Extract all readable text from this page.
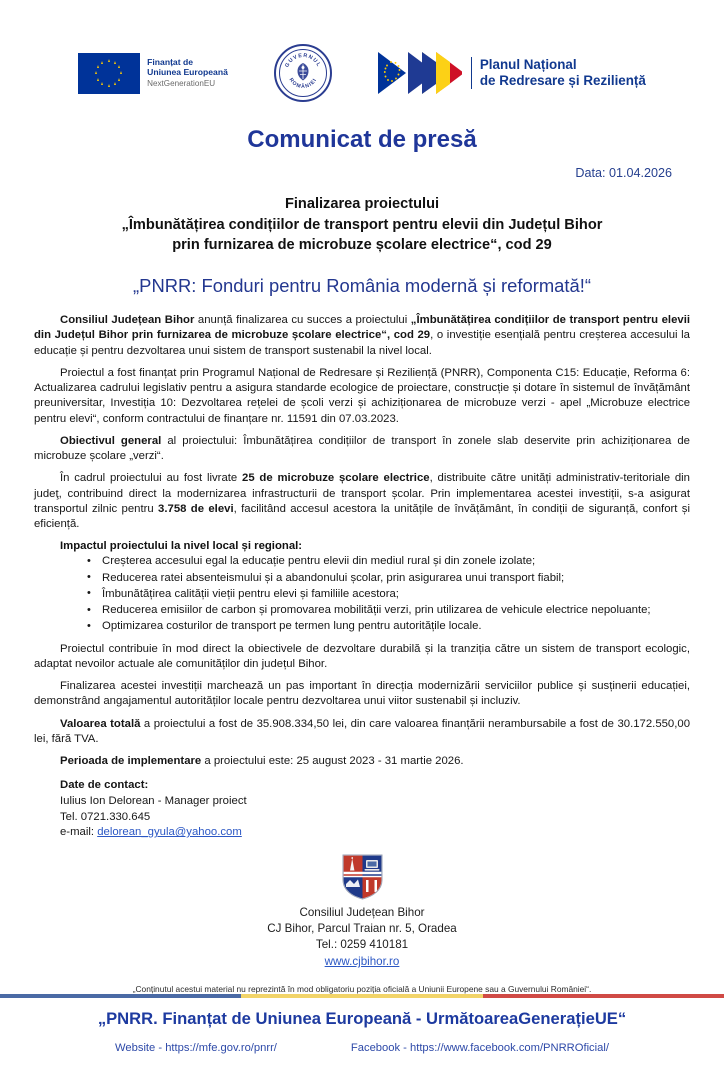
Finanțat de
Uniunea Europeană
NextGenerationEU
GUVERNUL
ROMÂNIEI
Planul Național
de Redresare și Reziliență
Comunicat de presă
Data: 01.04.2026
Finalizarea proiectului
„Îmbunătățirea condițiilor de transport pentru elevii din Județul Bihor
prin furnizarea de microbuze școlare electrice“, cod 29
„PNRR: Fonduri pentru România modernă și reformată!“

Consiliul Județean Bihor anunță finalizarea cu succes a proiectului „Îmbunătățirea condițiilor de transport pentru elevii din Județul Bihor prin furnizarea de microbuze școlare electrice“, cod 29, o investiție esențială pentru creșterea accesului la educație și pentru dezvoltarea unui sistem de transport sustenabil la nivel local.

Proiectul a fost finanțat prin Programul Național de Redresare și Reziliență (PNRR), Componenta C15: Educație, Reforma 6: Actualizarea cadrului legislativ pentru a asigura standarde ecologice de proiectare, construcție și dotare în sistemul de învățământ preuniversitar, Investiția 10: Dezvoltarea rețelei de școli verzi și achiziționarea de microbuze verzi - apel „Microbuze electrice pentru elevi“, conform contractului de finanțare nr. 11591 din 07.03.2023.

Obiectivul general al proiectului: Îmbunătățirea condițiilor de transport în zonele slab deservite prin achiziționarea de microbuze școlare „verzi“.

În cadrul proiectului au fost livrate 25 de microbuze școlare electrice, distribuite către unități administrativ-teritoriale din judeţ, contribuind direct la modernizarea infrastructurii de transport școlar. Prin implementarea acestei investiții, s-a asigurat transportul zilnic pentru 3.758 de elevi, facilitând accesul acestora la unitățile de învățământ, în condiții de siguranță, confort și eficiență.

Impactul proiectului la nivel local și regional:
• Creșterea accesului egal la educație pentru elevii din mediul rural și din zonele izolate;
• Reducerea ratei absenteismului și a abandonului școlar, prin asigurarea unui transport fiabil;
• Îmbunătățirea calității vieții pentru elevi și familiile acestora;
• Reducerea emisiilor de carbon și promovarea mobilității verzi, prin utilizarea de vehicule electrice nepoluante;
• Optimizarea costurilor de transport pe termen lung pentru autoritățile locale.

Proiectul contribuie în mod direct la obiectivele de dezvoltare durabilă și la tranziția către un sistem de transport ecologic, adaptat nevoilor actuale ale comunităților din județul Bihor.

Finalizarea acestei investiții marchează un pas important în direcția modernizării serviciilor publice și susținerii educației, demonstrând angajamentul autorităților locale pentru dezvoltarea unui viitor sustenabil și incluziv.

Valoarea totală a proiectului a fost de 35.908.334,50 lei, din care valoarea finanțării nerambursabile a fost de 30.172.550,00 lei, fără TVA.

Perioada de implementare a proiectului este: 25 august 2023 - 31 martie 2026.

Date de contact:
Iulius Ion Delorean - Manager proiect
Tel. 0721.330.645
e-mail: delorean_gyula@yahoo.com
Consiliul Județean Bihor
CJ Bihor, Parcul Traian nr. 5, Oradea
Tel.: 0259 410181
www.cjbihor.ro
„Conținutul acestui material nu reprezintă în mod obligatoriu poziția oficială a Uniunii Europene sau a Guvernului României“.
„PNRR. Finanțat de Uniunea Europeană - UrmătoareaGenerațieUE“
Website - https://mfe.gov.ro/pnrr/	Facebook - https://www.facebook.com/PNRROficial/
